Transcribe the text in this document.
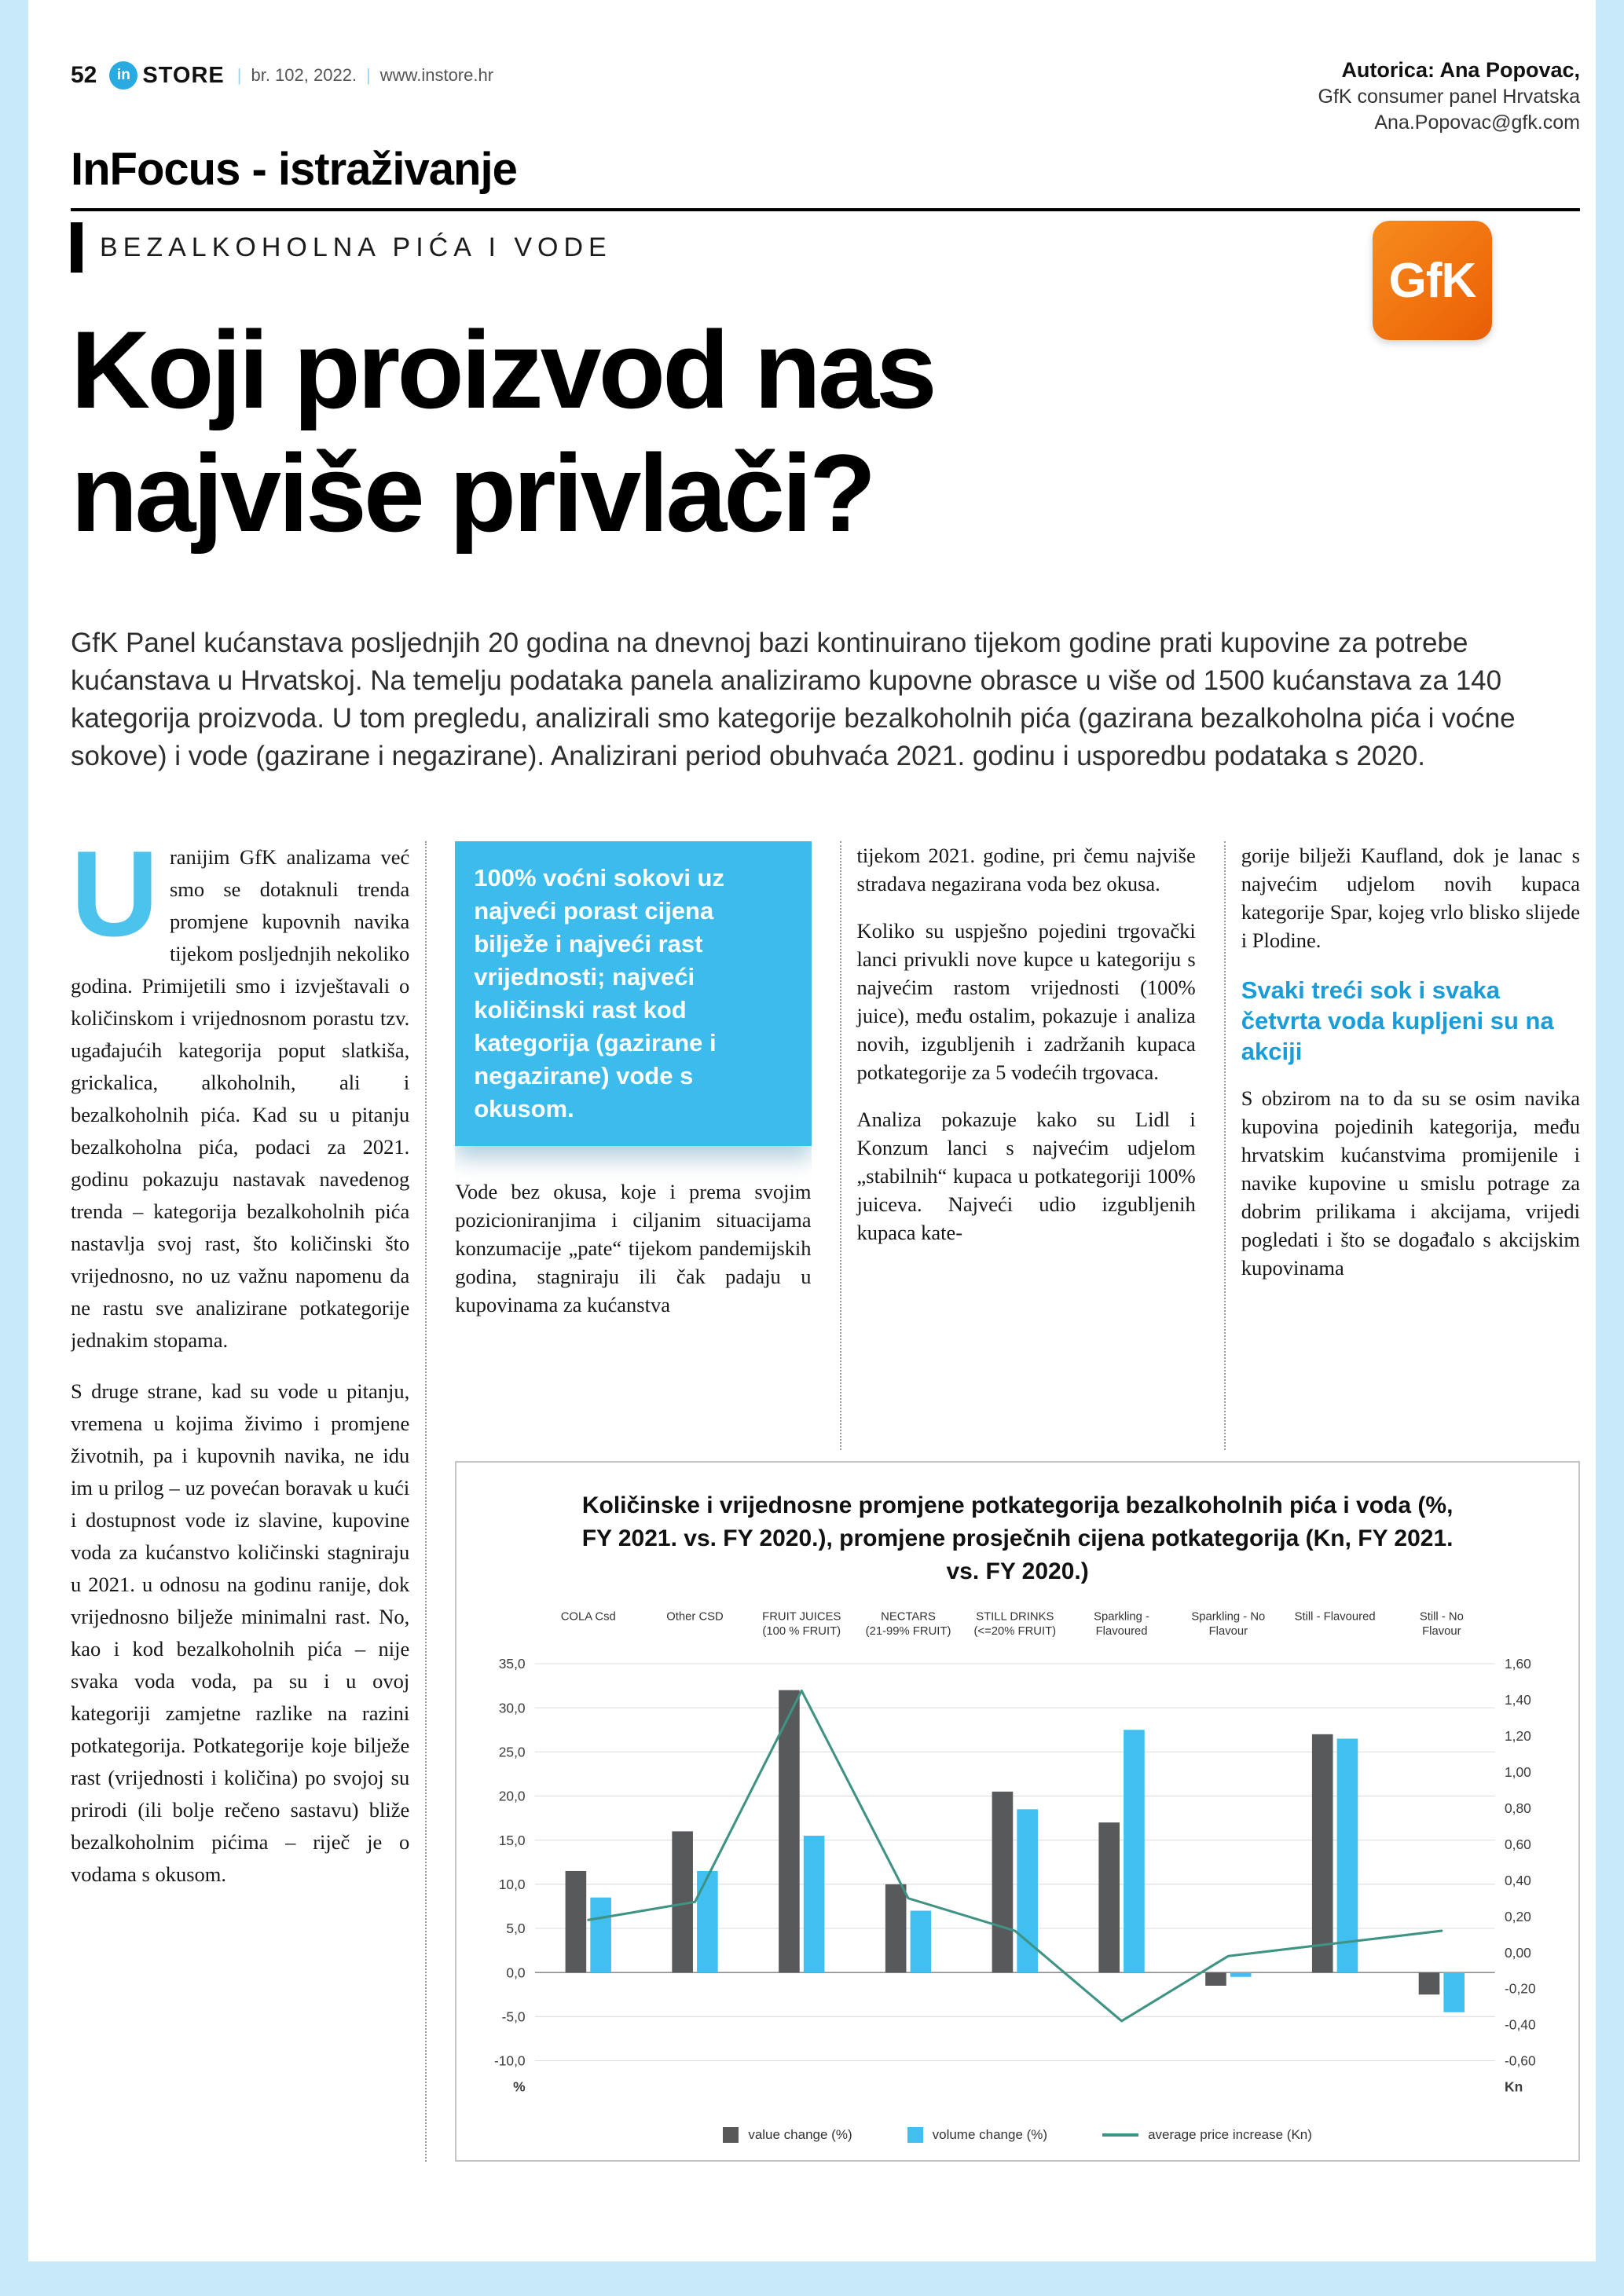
52	in STORE | br. 102, 2022. | www.instore.hr	Autorica: Ana Popovac,
GfK consumer panel Hrvatska
Ana.Popovac@gfk.com
InFocus - istraživanje
BEZALKOHOLNA PIĆA I VODE
GfK
Koji proizvod nas
najviše privlači?

GfK Panel kućanstava posljednjih 20 godina na dnevnoj bazi kontinuirano tijekom godine prati kupovine za potrebe kućanstava u Hrvatskoj. Na temelju podataka panela analiziramo kupovne obrasce u više od 1500 kućanstava za 140 kategorija proizvoda. U tom pregledu, analizirali smo kategorije bezalkoholnih pića (gazirana bezalkoholna pića i voćne sokove) i vode (gazirane i negazirane). Analizirani period obuhvaća 2021. godinu i usporedbu podataka s 2020.

Uranijim GfK analizama već smo se dotaknuli trenda promjene kupovnih navika tijekom posljednjih nekoliko godina. Primijetili smo i izvještavali o količinskom i vrijednosnom porastu tzv. ugađajućih kategorija poput slatkiša, grickalica, alkoholnih, ali i bezalkoholnih pića. Kad su u pitanju bezalkoholna pića, podaci za 2021. godinu pokazuju nastavak navedenog trenda – kategorija bezalkoholnih pića nastavlja svoj rast, što količinski što vrijednosno, no uz važnu napomenu da ne rastu sve analizirane potkategorije jednakim stopama.

S druge strane, kad su vode u pitanju, vremena u kojima živimo i promjene životnih, pa i kupovnih navika, ne idu im u prilog – uz povećan boravak u kući i dostupnost vode iz slavine, kupovine voda za kućanstvo količinski stagniraju u 2021. u odnosu na godinu ranije, dok vrijednosno bilježe minimalni rast. No, kao i kod bezalkoholnih pića – nije svaka voda voda, pa su i u ovoj kategoriji zamjetne razlike na razini potkategorija. Potkategorije koje bilježe rast (vrijednosti i količina) po svojoj su prirodi (ili bolje rečeno sastavu) bliže bezalkoholnim pićima – riječ je o vodama s okusom.

100% voćni sokovi uz najveći porast cijena bilježe i najveći rast vrijednosti; najveći količinski rast kod kategorija (gazirane i negazirane) vode s okusom.

Vode bez okusa, koje i prema svojim pozicioniranjima i ciljanim situacijama konzumacije „pate“ tijekom pandemijskih godina, stagniraju ili čak padaju u kupovinama za kućanstva

tijekom 2021. godine, pri čemu najviše stradava negazirana voda bez okusa.

Koliko su uspješno pojedini trgovački lanci privukli nove kupce u kategoriju s najvećim rastom vrijednosti (100% juice), među ostalim, pokazuje i analiza novih, izgubljenih i zadržanih kupaca potkategorije za 5 vodećih trgovaca.

Analiza pokazuje kako su Lidl i Konzum lanci s najvećim udjelom „stabilnih“ kupaca u potkategoriji 100% juiceva. Najveći udio izgubljenih kupaca kate-

gorije bilježi Kaufland, dok je lanac s najvećim udjelom novih kupaca kategorije Spar, kojeg vrlo blisko slijede i Plodine.

Svaki treći sok i svaka četvrta voda kupljeni su na akciji

S obzirom na to da su se osim navika kupovina pojedinih kategorija, među hrvatskim kućanstvima promijenile i navike kupovine u smislu potrage za dobrim prilikama i akcijama, vrijedi pogledati i što se događalo s akcijskim kupovinama

Količinske i vrijednosne promjene potkategorija bezalkoholnih pića i voda (%, FY 2021. vs. FY 2020.), promjene prosječnih cijena potkategorija (Kn, FY 2021. vs. FY 2020.)
35,0
30,0
25,0
20,0
15,0
10,0
5,0
0,0
-5,0
-10,0
%
1,60
1,40
1,20
1,00
0,80
0,60
0,40
0,20
0,00
-0,20
-0,40
-0,60
Kn
COLA Csd	Other CSD	FRUIT JUICES
(100 % FRUIT)
NECTARS
(21-99% FRUIT)
STILL DRINKS
(<=20% FRUIT)
Sparkling -
Flavoured
Sparkling - No
Flavour
Still - Flavoured	Still - No
Flavour
value change (%)	volume change (%)	average price increase (Kn)
